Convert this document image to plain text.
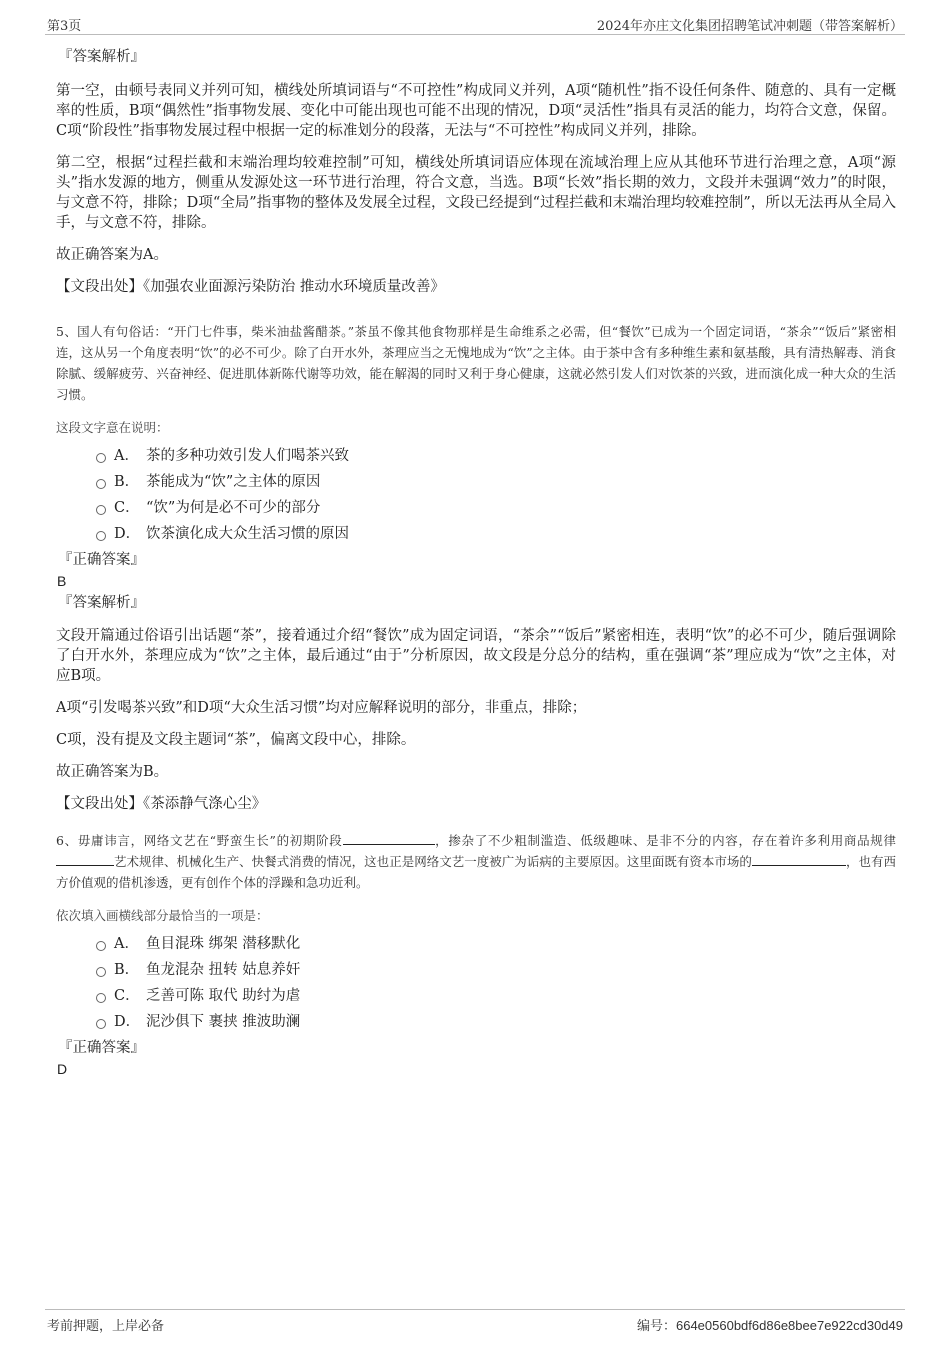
第3页	2024年亦庄文化集团招聘笔试冲刺题（带答案解析）

『答案解析』

第一空，由顿号表同义并列可知，横线处所填词语与“不可控性”构成同义并列，A项“随机性”指不设任何条件、随意的、具有一定概率的性质，B项“偶然性”指事物发展、变化中可能出现也可能不出现的情况，D项“灵活性”指具有灵活的能力，均符合文意，保留。C项“阶段性”指事物发展过程中根据一定的标准划分的段落，无法与“不可控性”构成同义并列，排除。

第二空，根据“过程拦截和末端治理均较难控制”可知，横线处所填词语应体现在流域治理上应从其他环节进行治理之意，A项“源头”指水发源的地方，侧重从发源处这一环节进行治理，符合文意，当选。B项“长效”指长期的效力，文段并未强调“效力”的时限，与文意不符，排除；D项“全局”指事物的整体及发展全过程，文段已经提到“过程拦截和末端治理均较难控制”，所以无法再从全局入手，与文意不符，排除。

故正确答案为A。

【文段出处】《加强农业面源污染防治 推动水环境质量改善》

5、国人有句俗话：“开门七件事，柴米油盐酱醋茶。”茶虽不像其他食物那样是生命维系之必需，但“餐饮”已成为一个固定词语，“茶余”“饭后”紧密相连，这从另一个角度表明“饮”的必不可少。除了白开水外，茶理应当之无愧地成为“饮”之主体。由于茶中含有多种维生素和氨基酸，具有清热解毒、消食除腻、缓解疲劳、兴奋神经、促进肌体新陈代谢等功效，能在解渴的同时又利于身心健康，这就必然引发人们对饮茶的兴致，进而演化成一种大众的生活习惯。

这段文字意在说明：

A． 茶的多种功效引发人们喝茶兴致
B． 茶能成为“饮”之主体的原因
C． “饮”为何是必不可少的部分
D． 饮茶演化成大众生活习惯的原因

『正确答案』

B

『答案解析』

文段开篇通过俗语引出话题“茶”，接着通过介绍“餐饮”成为固定词语，“茶余”“饭后”紧密相连，表明“饮”的必不可少，随后强调除了白开水外，茶理应成为“饮”之主体，最后通过“由于”分析原因，故文段是分总分的结构，重在强调“茶”理应成为“饮”之主体，对应B项。

A项“引发喝茶兴致”和D项“大众生活习惯”均对应解释说明的部分，非重点，排除；

C项，没有提及文段主题词“茶”，偏离文段中心，排除。

故正确答案为B。

【文段出处】《茶添静气涤心尘》

6、毋庸讳言，网络文艺在“野蛮生长”的初期阶段	，掺杂了不少粗制滥造、低级趣味、是非不分的内容，存在着许多利用商品规律艺术规律、机械化生产、快餐式消费的情况，这也正是网络文艺一度被广为诟病的主要原因。这里面既有资本市场的	，也有西方价值观的借机渗透，更有创作个体的浮躁和急功近利。

依次填入画横线部分最恰当的一项是：

A． 鱼目混珠 绑架 潜移默化
B． 鱼龙混杂 扭转 姑息养奸
C． 乏善可陈 取代 助纣为虐
D． 泥沙俱下 裹挟 推波助澜

『正确答案』

D

考前押题，上岸必备	编号：664e0560bdf6d86e8bee7e922cd30d49
